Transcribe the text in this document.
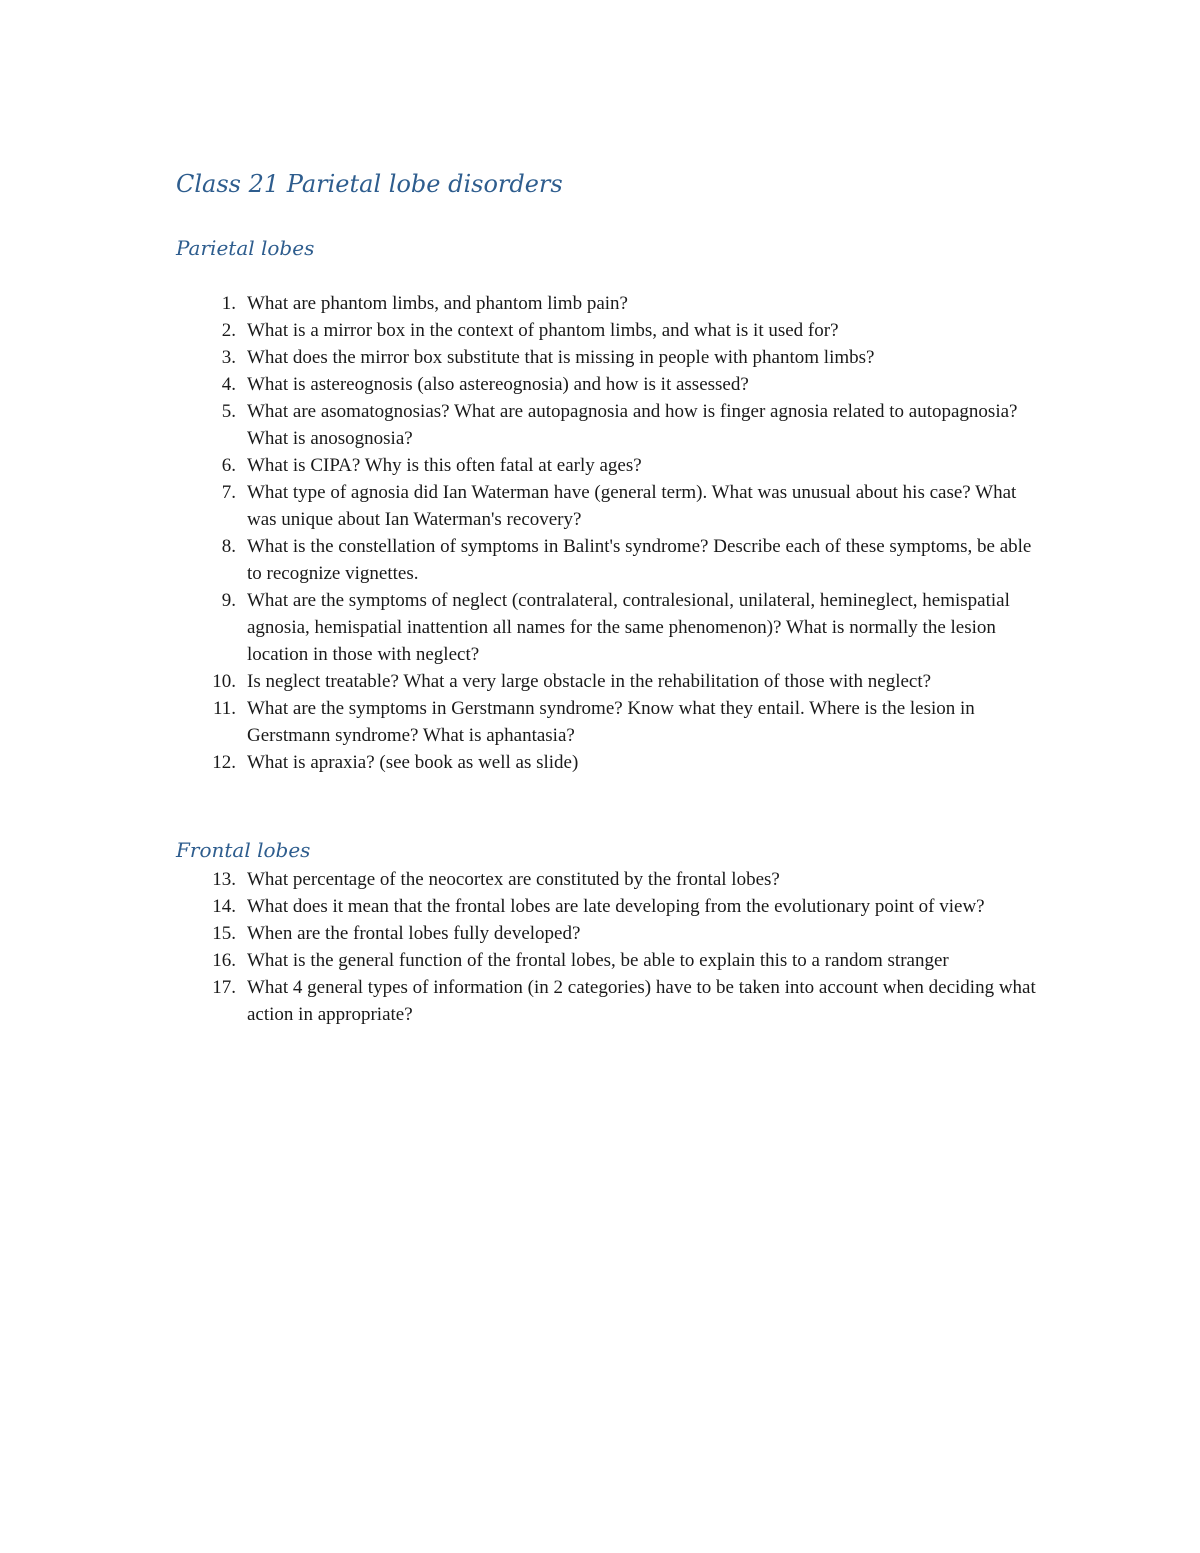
Class 21 Parietal lobe disorders
Parietal lobes
1. What are phantom limbs, and phantom limb pain?
2. What is a mirror box in the context of phantom limbs, and what is it used for?
3. What does the mirror box substitute that is missing in people with phantom limbs?
4. What is astereognosis (also astereognosia) and how is it assessed?
5. What are asomatognosias? What are autopagnosia and how is finger agnosia related to autopagnosia? What is anosognosia?
6. What is CIPA? Why is this often fatal at early ages?
7. What type of agnosia did Ian Waterman have (general term). What was unusual about his case? What was unique about Ian Waterman's recovery?
8. What is the constellation of symptoms in Balint's syndrome? Describe each of these symptoms, be able to recognize vignettes.
9. What are the symptoms of neglect (contralateral, contralesional, unilateral, hemineglect, hemispatial agnosia, hemispatial inattention all names for the same phenomenon)? What is normally the lesion location in those with neglect?
10. Is neglect treatable? What a very large obstacle in the rehabilitation of those with neglect?
11. What are the symptoms in Gerstmann syndrome? Know what they entail. Where is the lesion in Gerstmann syndrome? What is aphantasia?
12. What is apraxia? (see book as well as slide)
Frontal lobes
13. What percentage of the neocortex are constituted by the frontal lobes?
14. What does it mean that the frontal lobes are late developing from the evolutionary point of view?
15. When are the frontal lobes fully developed?
16. What is the general function of the frontal lobes, be able to explain this to a random stranger
17. What 4 general types of information (in 2 categories) have to be taken into account when deciding what action in appropriate?
